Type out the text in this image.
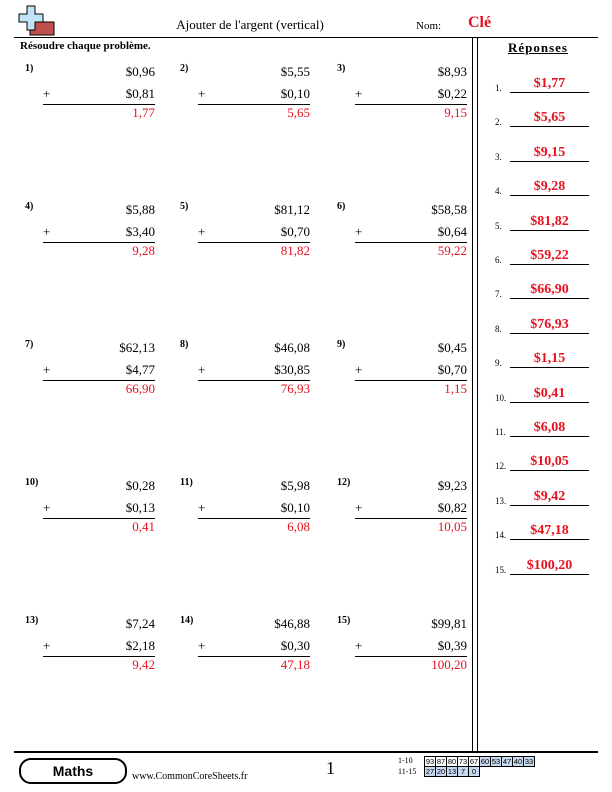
Ajouter de l'argent (vertical)	Nom: Clé
Résoudre chaque problème.	Réponses
1)	$0,96
+	$0,81
1,77
2)	$5,55
+	$0,10
5,65
3)	$8,93
+	$0,22
9,15
4)	$5,88
+	$3,40
9,28
5)	$81,12
+	$0,70
81,82
6)	$58,58
+	$0,64
59,22
7)	$62,13
+	$4,77
66,90
8)	$46,08
+	$30,85
76,93
9)	$0,45
+	$0,70
1,15
10)	$0,28
+	$0,13
0,41
11)	$5,98
+	$0,10
6,08
12)	$9,23
+	$0,82
10,05
13)	$7,24
+	$2,18
9,42
14)	$46,88
+	$0,30
47,18
15)	$99,81
+	$0,39
100,20
1.	$1,77
2.	$5,65
3.	$9,15
4.	$9,28
5.	$81,82
6.	$59,22
7.	$66,90
8.	$76,93
9.	$1,15
10.	$0,41
11.	$6,08
12.	$10,05
13.	$9,42
14.	$47,18
15.	$100,20
Maths	www.CommonCoreSheets.fr	1	1-10
11-15
93	87	80	73	67	60	53	47	40	33
27	20	13	7	0					
